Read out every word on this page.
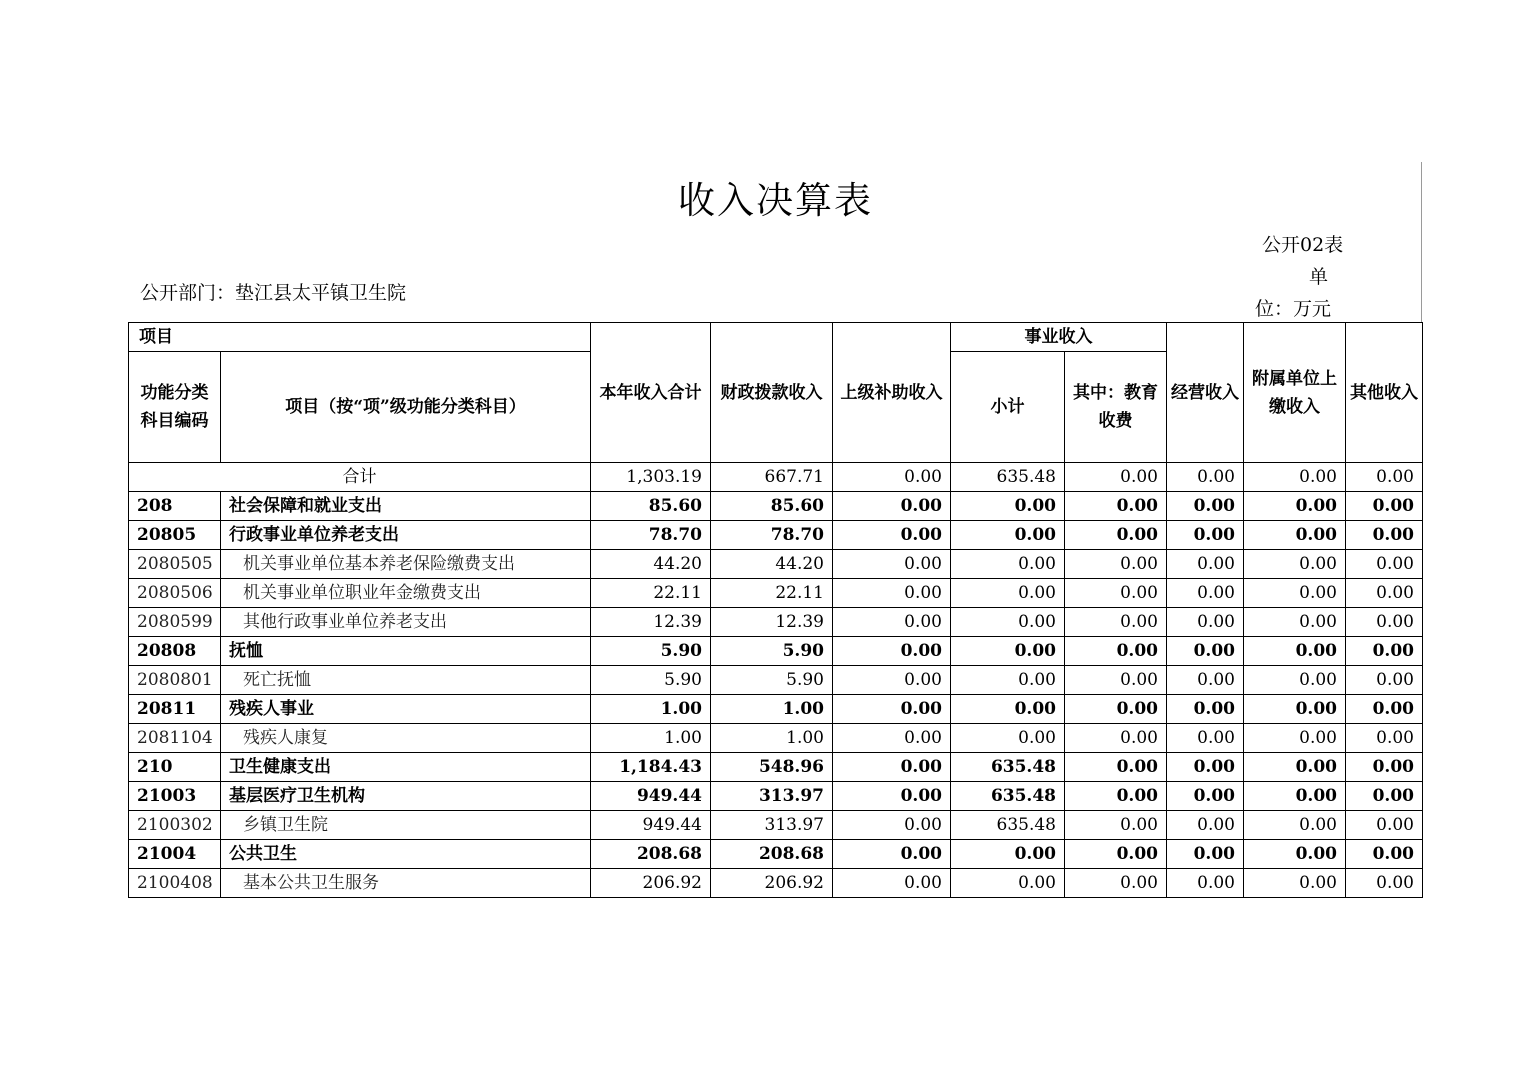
收入决算表
公开02表
单
位：万元
公开部门：垫江县太平镇卫生院
项目		本年收入合计	财政拨款收入	上级补助收入	事业收入		经营收入	附属单位上缴收入	其他收入
功能分类科目编码	项目（按“项”级功能分类科目）				小计	其中：教育收费			
合计		1,303.19	667.71	0.00	635.48	0.00	0.00	0.00	0.00
208	社会保障和就业支出	85.60	85.60	0.00	0.00	0.00	0.00	0.00	0.00
20805	行政事业单位养老支出	78.70	78.70	0.00	0.00	0.00	0.00	0.00	0.00
2080505	机关事业单位基本养老保险缴费支出	44.20	44.20	0.00	0.00	0.00	0.00	0.00	0.00
2080506	机关事业单位职业年金缴费支出	22.11	22.11	0.00	0.00	0.00	0.00	0.00	0.00
2080599	其他行政事业单位养老支出	12.39	12.39	0.00	0.00	0.00	0.00	0.00	0.00
20808	抚恤	5.90	5.90	0.00	0.00	0.00	0.00	0.00	0.00
2080801	死亡抚恤	5.90	5.90	0.00	0.00	0.00	0.00	0.00	0.00
20811	残疾人事业	1.00	1.00	0.00	0.00	0.00	0.00	0.00	0.00
2081104	残疾人康复	1.00	1.00	0.00	0.00	0.00	0.00	0.00	0.00
210	卫生健康支出	1,184.43	548.96	0.00	635.48	0.00	0.00	0.00	0.00
21003	基层医疗卫生机构	949.44	313.97	0.00	635.48	0.00	0.00	0.00	0.00
2100302	乡镇卫生院	949.44	313.97	0.00	635.48	0.00	0.00	0.00	0.00
21004	公共卫生	208.68	208.68	0.00	0.00	0.00	0.00	0.00	0.00
2100408	基本公共卫生服务	206.92	206.92	0.00	0.00	0.00	0.00	0.00	0.00
